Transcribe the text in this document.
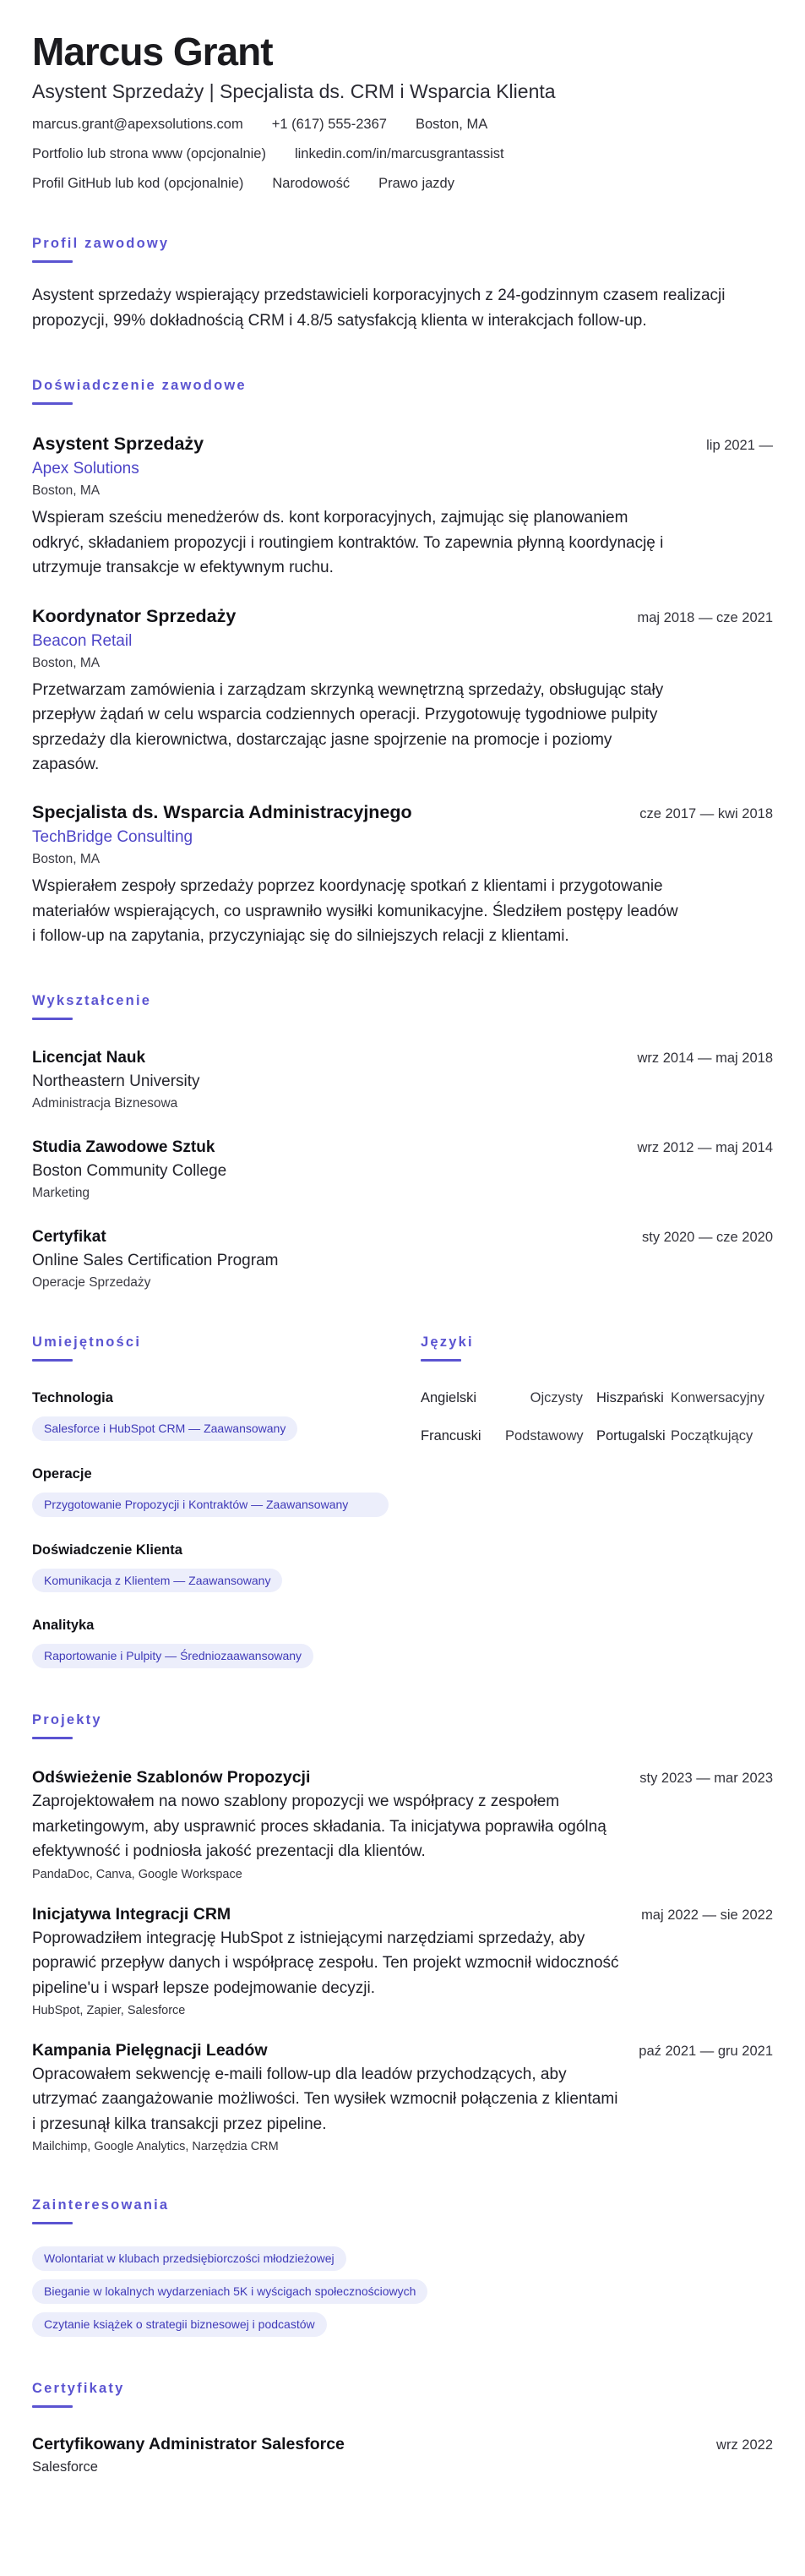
Marcus Grant
Asystent Sprzedaży | Specjalista ds. CRM i Wsparcia Klienta
marcus.grant@apexsolutions.com +1 (617) 555-2367 Boston, MA
Portfolio lub strona www (opcjonalnie) linkedin.com/in/marcusgrantassist
Profil GitHub lub kod (opcjonalnie) Narodowość Prawo jazdy
Profil zawodowy

Asystent sprzedaży wspierający przedstawicieli korporacyjnych z 24-godzinnym czasem realizacji propozycji, 99% dokładnością CRM i 4.8/5 satysfakcją klienta w interakcjach follow-up.

Doświadczenie zawodowe
Asystent Sprzedaży	lip 2021 —
Apex Solutions
Boston, MA

Wspieram sześciu menedżerów ds. kont korporacyjnych, zajmując się planowaniem odkryć, składaniem propozycji i routingiem kontraktów. To zapewnia płynną koordynację i utrzymuje transakcje w efektywnym ruchu.

Koordynator Sprzedaży	maj 2018 — cze 2021
Beacon Retail
Boston, MA

Przetwarzam zamówienia i zarządzam skrzynką wewnętrzną sprzedaży, obsługując stały przepływ żądań w celu wsparcia codziennych operacji. Przygotowuję tygodniowe pulpity sprzedaży dla kierownictwa, dostarczając jasne spojrzenie na promocje i poziomy zapasów.

Specjalista ds. Wsparcia Administracyjnego	cze 2017 — kwi 2018
TechBridge Consulting
Boston, MA

Wspierałem zespoły sprzedaży poprzez koordynację spotkań z klientami i przygotowanie materiałów wspierających, co usprawniło wysiłki komunikacyjne. Śledziłem postępy leadów i follow-up na zapytania, przyczyniając się do silniejszych relacji z klientami.

Wykształcenie
Licencjat Nauk	wrz 2014 — maj 2018
Northeastern University
Administracja Biznesowa
Studia Zawodowe Sztuk	wrz 2012 — maj 2014
Boston Community College
Marketing
Certyfikat	sty 2020 — cze 2020
Online Sales Certification Program
Operacje Sprzedaży
Umiejętności
Technologia
Salesforce i HubSpot CRM — Zaawansowany
Operacje
Przygotowanie Propozycji i Kontraktów — Zaawansowany
Doświadczenie Klienta
Komunikacja z Klientem — Zaawansowany
Analityka
Raportowanie i Pulpity — Średniozaawansowany
Języki
Angielski	Ojczysty Hiszpański Konwersacyjny
Francuski	Podstawowy Portugalski Początkujący
Projekty
Odświeżenie Szablonów Propozycji	sty 2023 — mar 2023

Zaprojektowałem na nowo szablony propozycji we współpracy z zespołem marketingowym, aby usprawnić proces składania. Ta inicjatywa poprawiła ogólną efektywność i podniosła jakość prezentacji dla klientów.

PandaDoc, Canva, Google Workspace
Inicjatywa Integracji CRM	maj 2022 — sie 2022

Poprowadziłem integrację HubSpot z istniejącymi narzędziami sprzedaży, aby poprawić przepływ danych i współpracę zespołu. Ten projekt wzmocnił widoczność pipeline'u i wsparł lepsze podejmowanie decyzji.

HubSpot, Zapier, Salesforce
Kampania Pielęgnacji Leadów	paź 2021 — gru 2021

Opracowałem sekwencję e-maili follow-up dla leadów przychodzących, aby utrzymać zaangażowanie możliwości. Ten wysiłek wzmocnił połączenia z klientami i przesunął kilka transakcji przez pipeline.

Mailchimp, Google Analytics, Narzędzia CRM
Zainteresowania
Wolontariat w klubach przedsiębiorczości młodzieżowej
Bieganie w lokalnych wydarzeniach 5K i wyścigach społecznościowych
Czytanie książek o strategii biznesowej i podcastów
Certyfikaty
Certyfikowany Administrator Salesforce	wrz 2022
Salesforce
